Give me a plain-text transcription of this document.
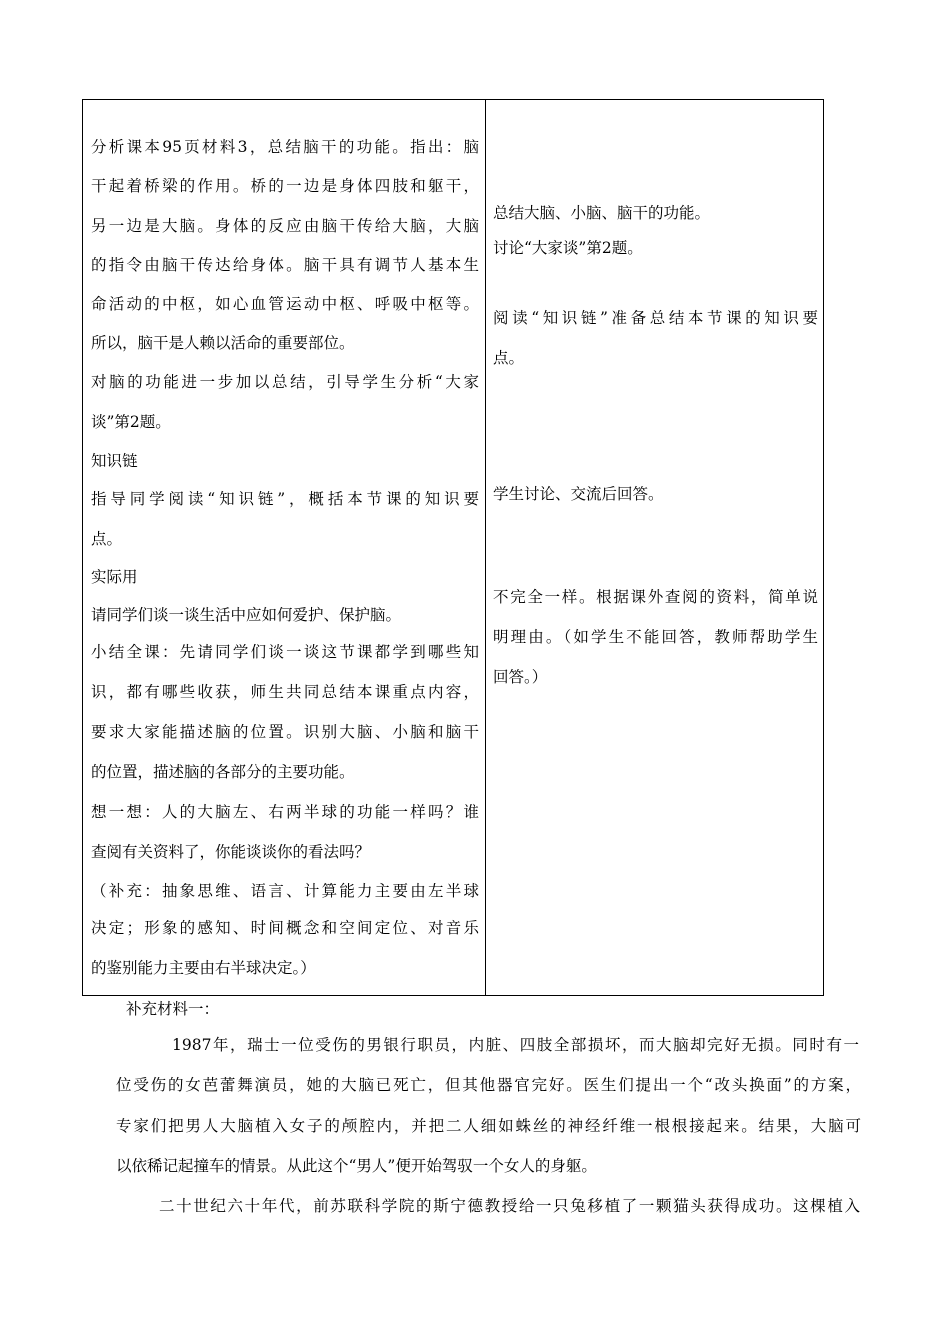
分析课本95页材料3，总结脑干的功能。指出：脑
干起着桥梁的作用。桥的一边是身体四肢和躯干，
另一边是大脑。身体的反应由脑干传给大脑，大脑
的指令由脑干传达给身体。脑干具有调节人基本生
命活动的中枢，如心血管运动中枢、呼吸中枢等。
所以，脑干是人赖以活命的重要部位。
对脑的功能进一步加以总结，引导学生分析“大家
谈”第2题。
知识链
指导同学阅读“知识链”，概括本节课的知识要
点。
实际用
请同学们谈一谈生活中应如何爱护、保护脑。
小结全课：先请同学们谈一谈这节课都学到哪些知
识，都有哪些收获，师生共同总结本课重点内容，
要求大家能描述脑的位置。识别大脑、小脑和脑干
的位置，描述脑的各部分的主要功能。
想一想：人的大脑左、右两半球的功能一样吗？谁
查阅有关资料了，你能谈谈你的看法吗？
（补充：抽象思维、语言、计算能力主要由左半球
决定；形象的感知、时间概念和空间定位、对音乐
的鉴别能力主要由右半球决定。）
总结大脑、小脑、脑干的功能。
讨论“大家谈”第2题。
阅读“知识链”准备总结本节课的知识要
点。
学生讨论、交流后回答。
不完全一样。根据课外查阅的资料，简单说
明理由。（如学生不能回答，教师帮助学生
回答。）
补充材料一：
1987年，瑞士一位受伤的男银行职员，内脏、四肢全部损坏，而大脑却完好无损。同时有一
位受伤的女芭蕾舞演员，她的大脑已死亡，但其他器官完好。医生们提出一个“改头换面”的方案，
专家们把男人大脑植入女子的颅腔内，并把二人细如蛛丝的神经纤维一根根接起来。结果，大脑可
以依稀记起撞车的情景。从此这个“男人”便开始驾驭一个女人的身躯。
二十世纪六十年代，前苏联科学院的斯宁德教授给一只兔移植了一颗猫头获得成功。这棵植入
